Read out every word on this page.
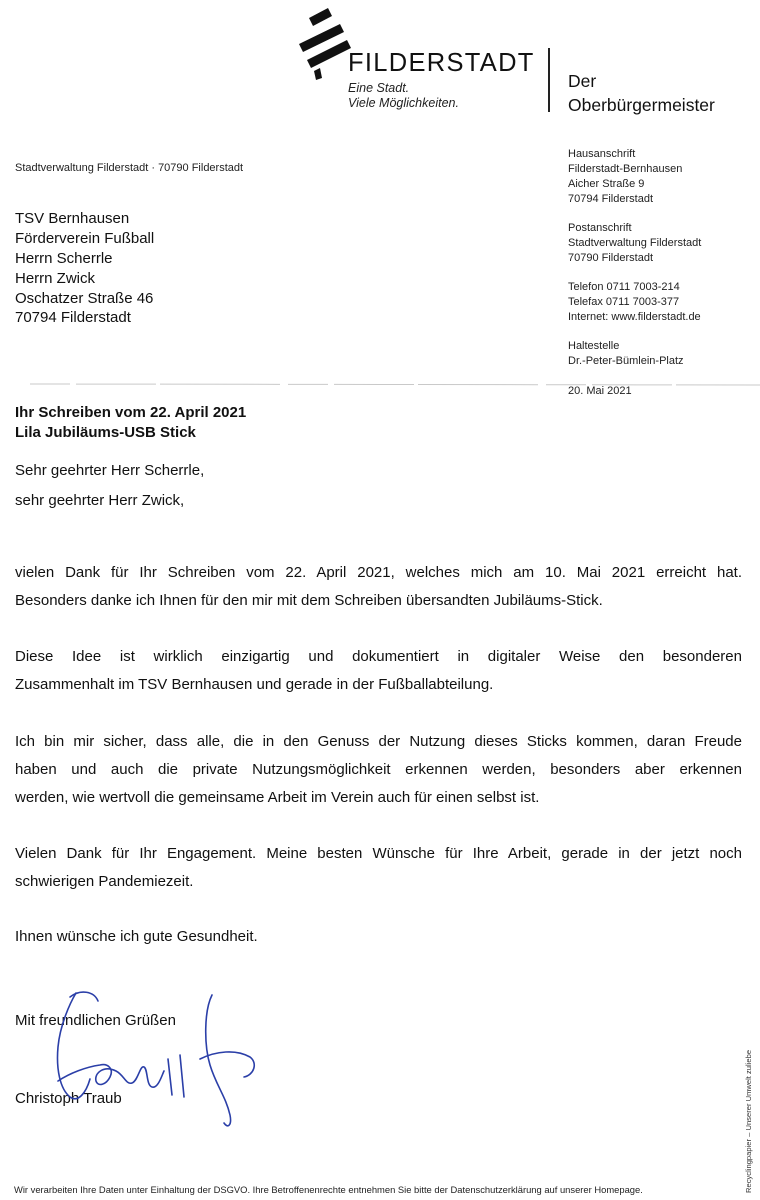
FILDERSTADT
Eine Stadt.
Viele Möglichkeiten.
Der
Oberbürgermeister
Stadtverwaltung Filderstadt · 70790 Filderstadt
TSV Bernhausen
Förderverein Fußball
Herrn Scherrle
Herrn Zwick
Oschatzer Straße 46
70794 Filderstadt
Hausanschrift
Filderstadt-Bernhausen
Aicher Straße 9
70794 Filderstadt
Postanschrift
Stadtverwaltung Filderstadt
70790 Filderstadt
Telefon 0711 7003-214
Telefax 0711 7003-377
Internet: www.filderstadt.de
Haltestelle
Dr.-Peter-Bümlein-Platz
20. Mai 2021
Ihr Schreiben vom 22. April 2021
Lila Jubiläums-USB Stick
Sehr geehrter Herr Scherrle,
sehr geehrter Herr Zwick,
vielen Dank für Ihr Schreiben vom 22. April 2021, welches mich am 10. Mai 2021 erreicht hat.
Besonders danke ich Ihnen für den mir mit dem Schreiben übersandten Jubiläums-Stick.
Diese Idee ist wirklich einzigartig und dokumentiert in digitaler Weise den besonderen
Zusammenhalt im TSV Bernhausen und gerade in der Fußballabteilung.
Ich bin mir sicher, dass alle, die in den Genuss der Nutzung dieses Sticks kommen, daran Freude
haben und auch die private Nutzungsmöglichkeit erkennen werden, besonders aber erkennen
werden, wie wertvoll die gemeinsame Arbeit im Verein auch für einen selbst ist.
Vielen Dank für Ihr Engagement. Meine besten Wünsche für Ihre Arbeit, gerade in der jetzt noch
schwierigen Pandemiezeit.
Ihnen wünsche ich gute Gesundheit.
Mit freundlichen Grüßen
Christoph Traub
Wir verarbeiten Ihre Daten unter Einhaltung der DSGVO. Ihre Betroffenenrechte entnehmen Sie bitte der Datenschutzerklärung auf unserer Homepage.	Recyclingpapier – Unserer Umwelt zuliebe
